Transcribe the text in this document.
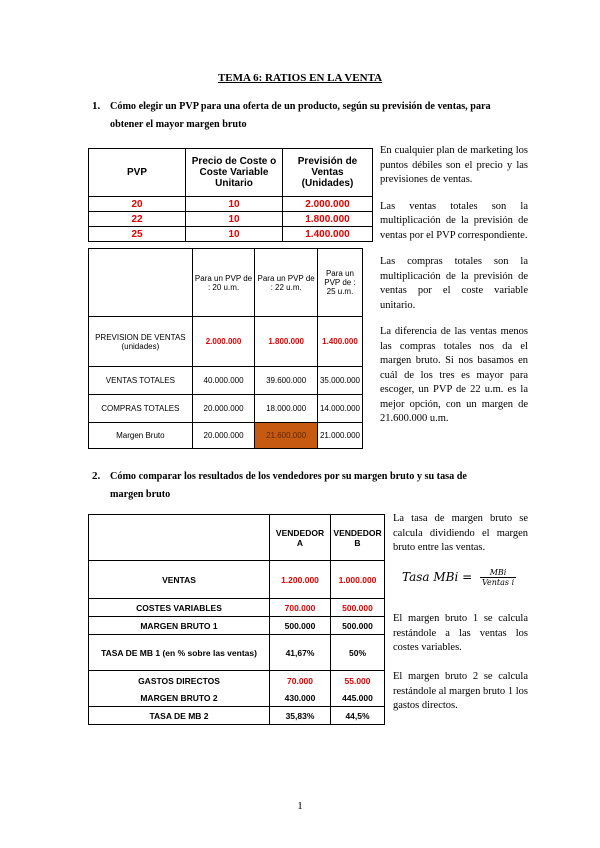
TEMA 6: RATIOS EN LA VENTA
1. Cómo elegir un PVP para una oferta de un producto, según su previsión de ventas, para
obtener el mayor margen bruto
PVP	Precio de Coste o Coste Variable Unitario	Previsión de Ventas (Unidades)
20	10	2.000.000
22	10	1.800.000
25	10	1.400.000
	Para un PVP de : 20 u.m.	Para un PVP de : 22 u.m.	Para un PVP de : 25 u.m.
PREVISION DE VENTAS (unidades)	2.000.000	1.800.000	1.400.000
VENTAS TOTALES	40.000.000	39.600.000	35.000.000
COMPRAS TOTALES	20.000.000	18.000.000	14.000.000
Margen Bruto	20.000.000	21.600.000	21.000.000

En cualquier plan de marketing los puntos débiles son el precio y las previsiones de ventas.

Las ventas totales son la multiplicación de la previsión de ventas por el PVP correspondiente.

Las compras totales son la multiplicación de la previsión de ventas por el coste variable unitario.

La diferencia de las ventas menos las compras totales nos da el margen bruto. Si nos basamos en cuál de los tres es mayor para escoger, un PVP de 22 u.m. es la mejor opción, con un margen de 21.600.000 u.m.

2. Cómo comparar los resultados de los vendedores por su margen bruto y su tasa de
margen bruto
	VENDEDOR A	VENDEDOR B
VENTAS	1.200.000	1.000.000
COSTES VARIABLES	700.000	500.000
MARGEN BRUTO 1	500.000	500.000
TASA DE MB 1 (en % sobre las ventas)	41,67%	50%
GASTOS DIRECTOS	70.000	55.000
MARGEN BRUTO 2	430.000	445.000
TASA DE MB 2	35,83%	44,5%
La tasa de margen bruto se calcula dividiendo el margen bruto entre las ventas.
Tasa MBi = $\frac{\text{MBi}}{\text{Ventas i}}$
El margen bruto 1 se calcula restándole a las ventas los costes variables.
El margen bruto 2 se calcula restándole al margen bruto 1 los gastos directos.
1
